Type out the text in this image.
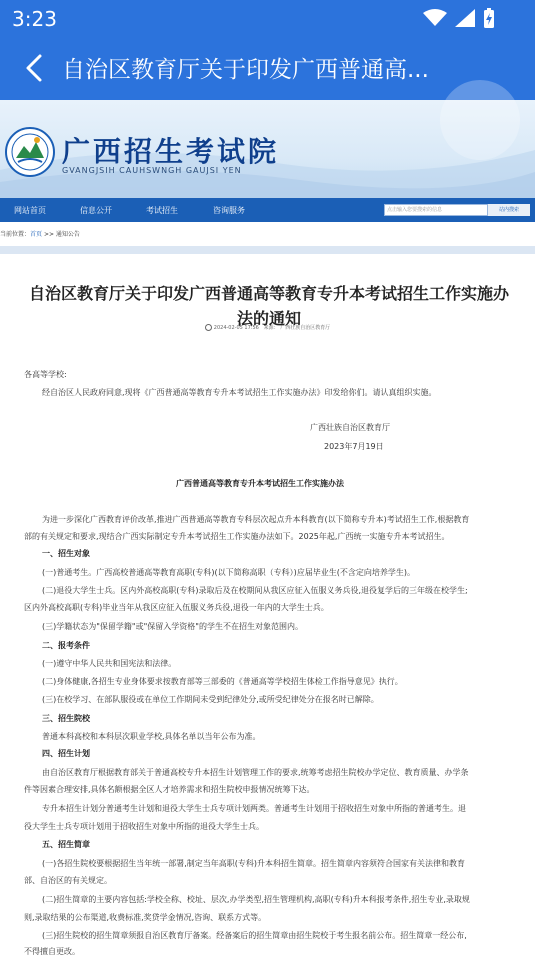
3:23
自治区教育厅关于印发广西普通高...
广西招生考试院
GVANGJSIH CAUHSWNGH GAUJSI YEN
网站首页	信息公开	考试招生	咨询服务	点击输入您要搜索的信息	站内搜索
当前位置：首页 >> 通知公告
自治区教育厅关于印发广西普通高等教育专升本考试招生工作实施办法的通知
2024-02-05 17:56 来源： 广西壮族自治区教育厅
各高等学校:
经自治区人民政府同意,现将《广西普通高等教育专升本考试招生工作实施办法》印发给你们。请认真组织实施。
广西壮族自治区教育厅
2023年7月19日
广西普通高等教育专升本考试招生工作实施办法
为进一步深化广西教育评价改革,推进广西普通高等教育专科层次起点升本科教育(以下简称专升本)考试招生工作,根据教育
部的有关规定和要求,现结合广西实际制定专升本考试招生工作实施办法如下。2025年起,广西统一实施专升本考试招生。
一、招生对象
(一)普通考生。广西高校普通高等教育高职(专科)(以下简称高职（专科）)应届毕业生(不含定向培养学生)。
(二)退役大学生士兵。区内外高校高职(专科)录取后及在校期间从我区应征入伍服义务兵役,退役复学后的三年级在校学生;
区内外高校高职(专科)毕业当年从我区应征入伍服义务兵役,退役一年内的大学生士兵。
(三)学籍状态为"保留学籍"或"保留入学资格"的学生不在招生对象范围内。
二、报考条件
(一)遵守中华人民共和国宪法和法律。
(二)身体健康,各招生专业身体要求按教育部等三部委的《普通高等学校招生体检工作指导意见》执行。
(三)在校学习、在部队服役或在单位工作期间未受到纪律处分,或所受纪律处分在报名时已解除。
三、招生院校
普通本科高校和本科层次职业学校,具体名单以当年公布为准。
四、招生计划
由自治区教育厅根据教育部关于普通高校专升本招生计划管理工作的要求,统筹考虑招生院校办学定位、教育质量、办学条
件等因素合理安排,具体名额根据全区人才培养需求和招生院校申报情况统筹下达。
专升本招生计划分普通考生计划和退役大学生士兵专项计划两类。普通考生计划用于招收招生对象中所指的普通考生。退
役大学生士兵专项计划用于招收招生对象中所指的退役大学生士兵。
五、招生简章
(一)各招生院校要根据招生当年统一部署,制定当年高职(专科)升本科招生简章。招生简章内容须符合国家有关法律和教育
部、自治区的有关规定。
(二)招生简章的主要内容包括:学校全称、校址、层次,办学类型,招生管理机构,高职(专科)升本科报考条件,招生专业,录取规
则,录取结果的公布渠道,收费标准,奖贷学金情况,咨询、联系方式等。
(三)招生院校的招生简章须报自治区教育厅备案。经备案后的招生简章由招生院校于考生报名前公布。招生简章一经公布,
不得擅自更改。
